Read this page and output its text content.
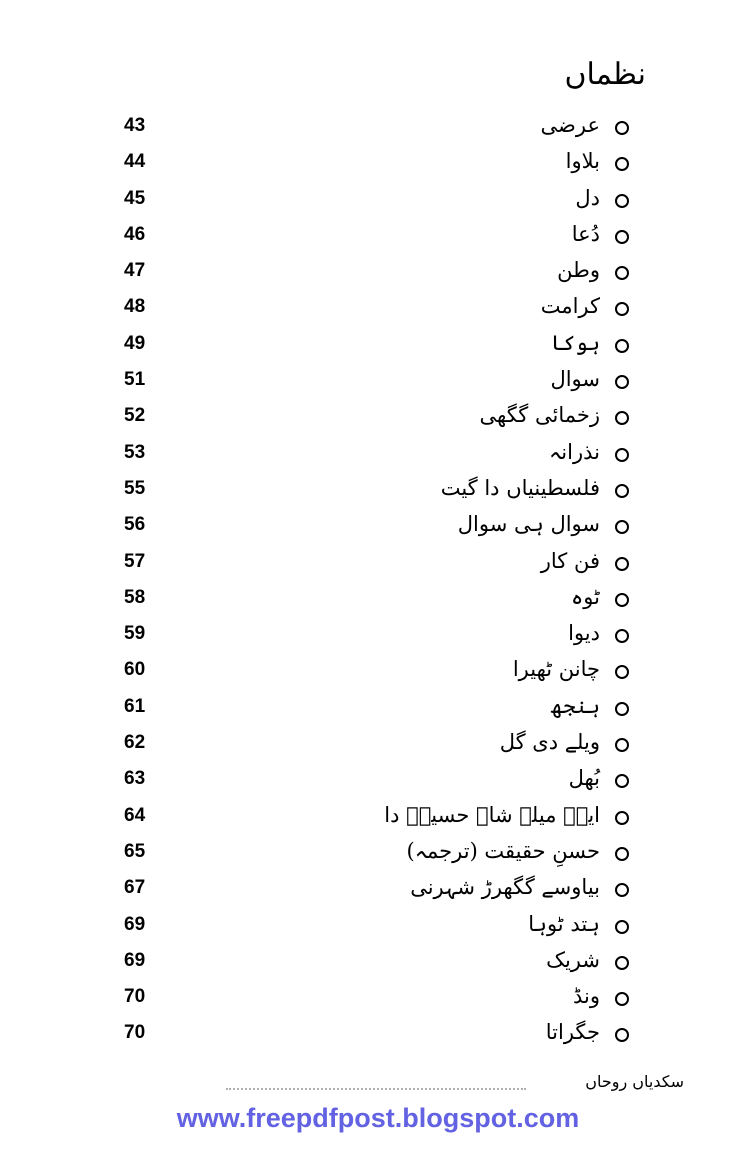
نظماں
43	عرضی
44	بلاوا
45	دل
46	دُعا
47	وطن
48	کرامت
49	ہوکا
51	سوال
52	زخمائی گگھی
53	نذرانہ
55	فلسطینیاں دا گیت
56	سوال ہی سوال
57	فن کار
58	ٹوہ
59	دیوا
60	چانن ٹھیرا
61	ہنجھ
62	ویلے دی گل
63	بُھل
64	ایہہ میلہ شاہ حسینؒ دا
65	حسنِ حقیقت (ترجمہ)
67	بیاوسے گگھرڑ شہرنی
69	ہتد ٹوہا
69	شریک
70	ونڈ
70	جگراتا
سکدیاں روحاں
www.freepdfpost.blogspot.com
